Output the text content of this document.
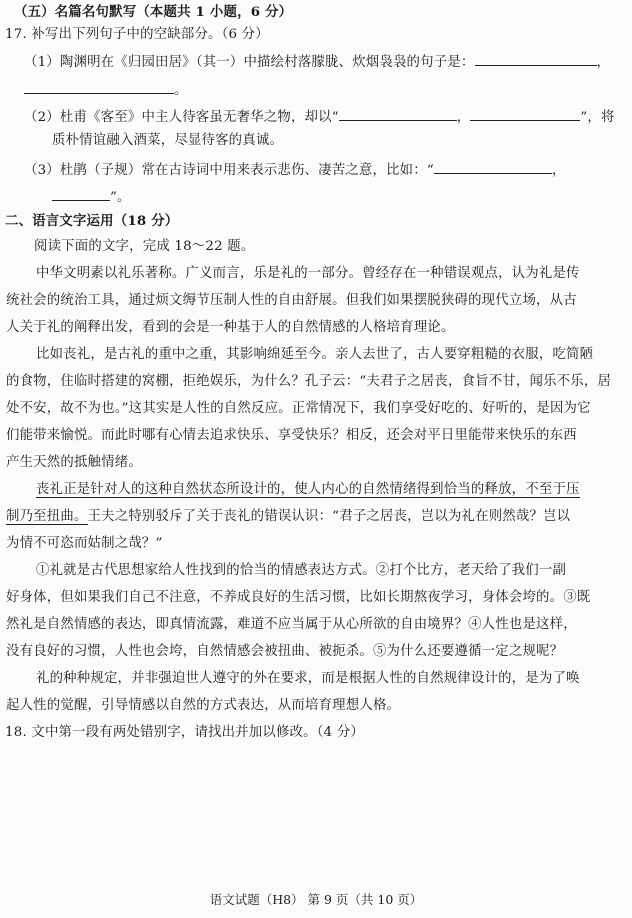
（五）名篇名句默写（本题共 1 小题，6 分）
17. 补写出下列句子中的空缺部分。（6 分）
（1）陶渊明在《归园田居》（其一）中描绘村落朦胧、炊烟袅袅的句子是：	，
。
（2）杜甫《客至》中主人待客虽无奢华之物，却以“	，	”，将
质朴情谊融入酒菜，尽显待客的真诚。
（3）杜鹃（子规）常在古诗词中用来表示悲伤、凄苦之意，比如：“	，
”。
二、语言文字运用（18 分）
阅读下面的文字，完成 18～22 题。
中华文明素以礼乐著称。广义而言，乐是礼的一部分。曾经存在一种错误观点，认为礼是传
统社会的统治工具，通过烦文缛节压制人性的自由舒展。但我们如果摆脱狭碍的现代立场，从古
人关于礼的阐释出发，看到的会是一种基于人的自然情感的人格培育理论。
比如丧礼，是古礼的重中之重，其影响绵延至今。亲人去世了，古人要穿粗糙的衣服，吃简陋
的食物，住临时搭建的窝棚，拒绝娱乐，为什么？孔子云：“夫君子之居丧，食旨不甘，闻乐不乐，居
处不安，故不为也。”这其实是人性的自然反应。正常情况下，我们享受好吃的、好听的，是因为它
们能带来愉悦。而此时哪有心情去追求快乐、享受快乐？相反，还会对平日里能带来快乐的东西
产生天然的抵触情绪。
丧礼正是针对人的这种自然状态所设计的，使人内心的自然情绪得到恰当的释放，不至于压
制乃至扭曲。王夫之特别驳斥了关于丧礼的错误认识：“君子之居丧，岂以为礼在则然哉？岂以
为情不可恣而姑制之哉？”
①礼就是古代思想家给人性找到的恰当的情感表达方式。②打个比方，老天给了我们一副
好身体，但如果我们自己不注意，不养成良好的生活习惯，比如长期熬夜学习，身体会垮的。③既
然礼是自然情感的表达，即真情流露，难道不应当属于从心所欲的自由境界？④人性也是这样，
没有良好的习惯，人性也会垮，自然情感会被扭曲、被扼杀。⑤为什么还要遵循一定之规呢？
礼的种种规定，并非强迫世人遵守的外在要求，而是根据人性的自然规律设计的，是为了唤
起人性的觉醒，引导情感以自然的方式表达，从而培育理想人格。
18. 文中第一段有两处错别字，请找出并加以修改。（4 分）
语文试题（H8） 第 9 页（共 10 页）
